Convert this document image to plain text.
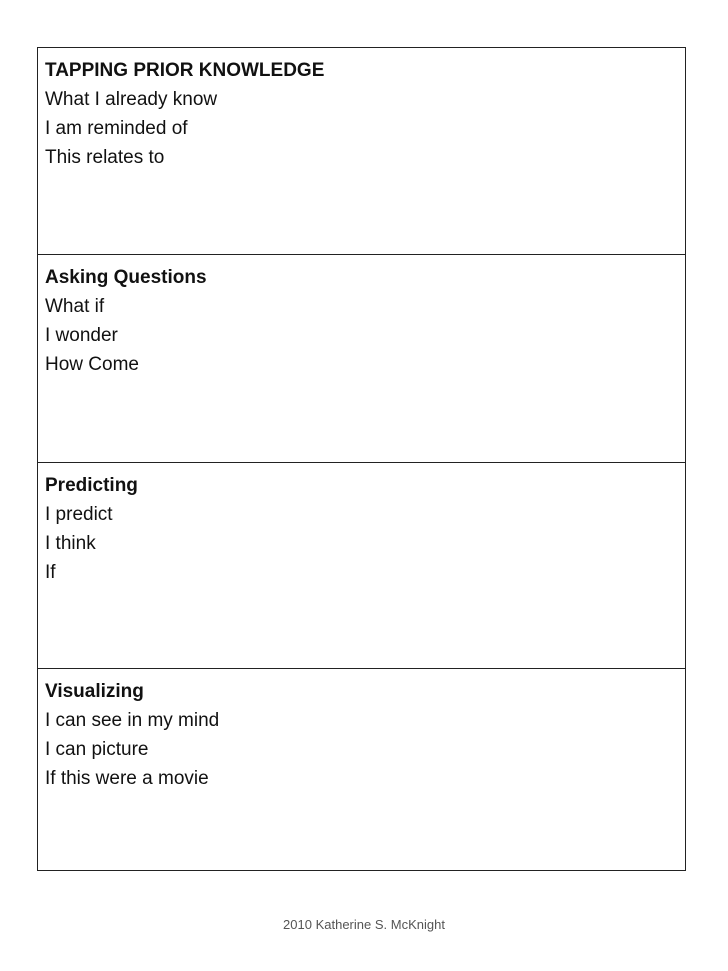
TAPPING PRIOR KNOWLEDGE

What I already know

I am reminded of

This relates to

Asking Questions

What if

I wonder

How Come

Predicting

I predict

I think

If

Visualizing

I can see in my mind

I can picture

If this were a movie

2010 Katherine S. McKnight
